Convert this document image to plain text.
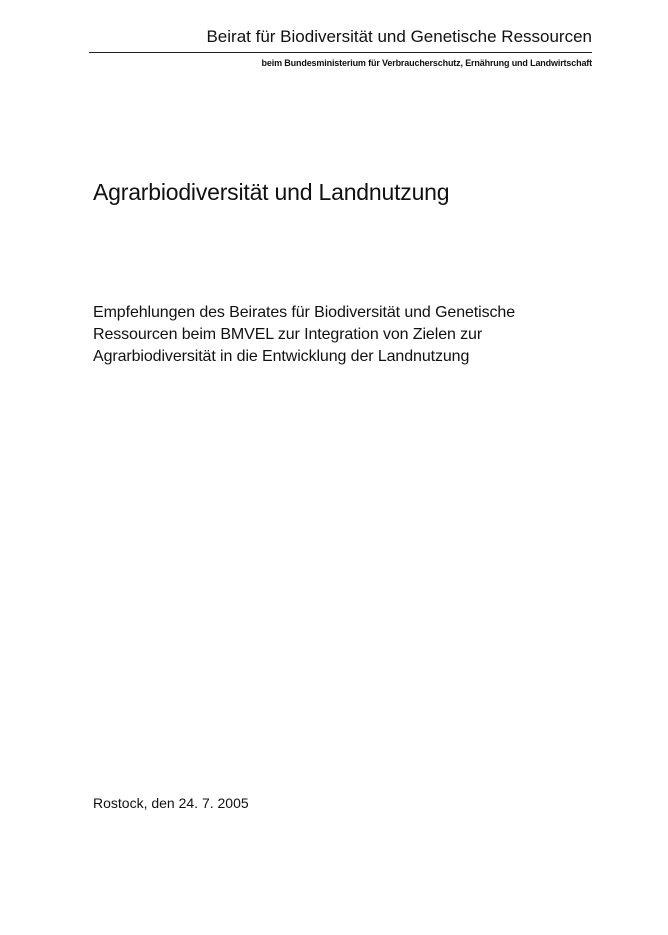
Beirat für Biodiversität und Genetische Ressourcen
beim Bundesministerium für Verbraucherschutz, Ernährung und Landwirtschaft
Agrarbiodiversität und Landnutzung
Empfehlungen des Beirates für Biodiversität und Genetische
Ressourcen beim BMVEL zur Integration von Zielen zur
Agrarbiodiversität in die Entwicklung der Landnutzung
Rostock, den 24. 7. 2005
